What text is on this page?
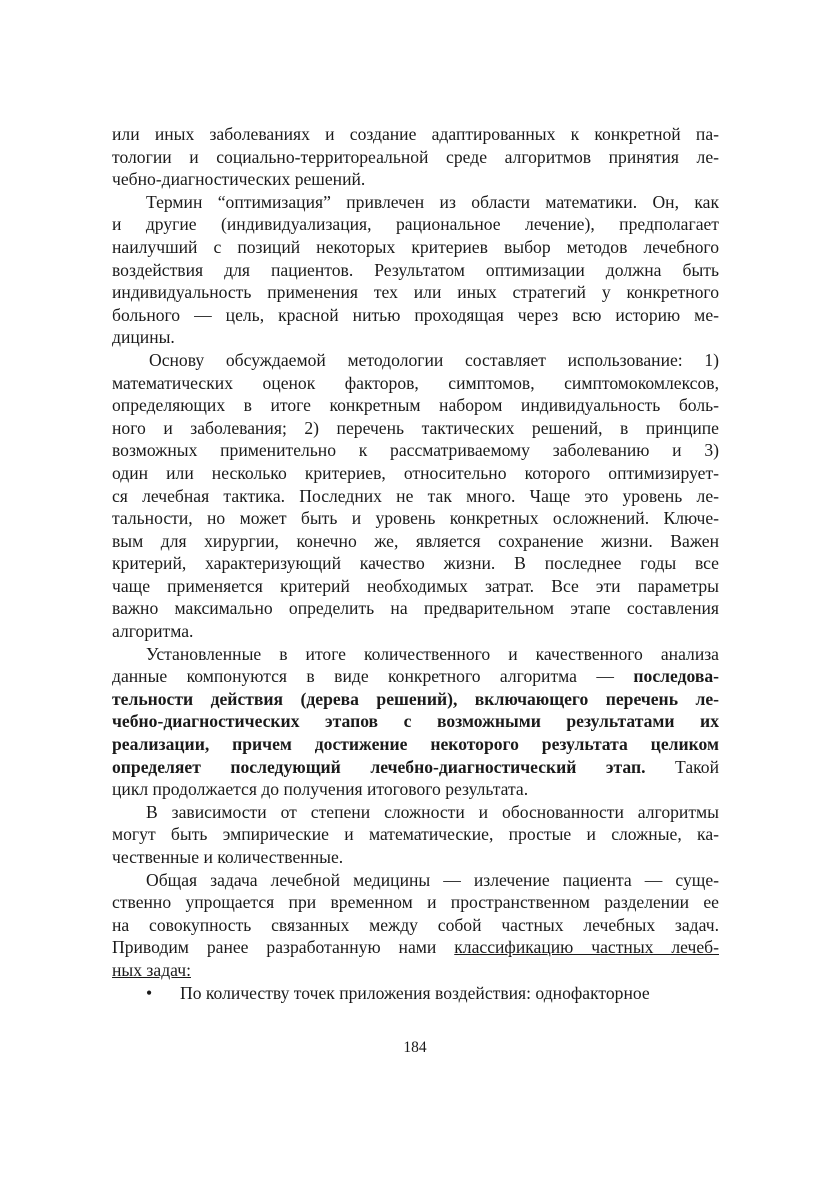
или иных заболеваниях и создание адаптированных к конкретной па-
тологии и социально-территореальной среде алгоритмов принятия ле-
чебно-диагностических решений.
Термин “оптимизация” привлечен из области математики. Он, как
и другие (индивидуализация, рациональное лечение), предполагает
наилучший с позиций некоторых критериев выбор методов лечебного
воздействия для пациентов. Результатом оптимизации должна быть
индивидуальность применения тех или иных стратегий у конкретного
больного — цель, красной нитью проходящая через всю историю ме-
дицины.
Основу обсуждаемой методологии составляет использование: 1)
математических оценок факторов, симптомов, симптомокомлексов,
определяющих в итоге конкретным набором индивидуальность боль-
ного и заболевания; 2) перечень тактических решений, в принципе
возможных применительно к рассматриваемому заболеванию и 3)
один или несколько критериев, относительно которого оптимизирует-
ся лечебная тактика. Последних не так много. Чаще это уровень ле-
тальности, но может быть и уровень конкретных осложнений. Ключе-
вым для хирургии, конечно же, является сохранение жизни. Важен
критерий, характеризующий качество жизни. В последнее годы все
чаще применяется критерий необходимых затрат. Все эти параметры
важно максимально определить на предварительном этапе составления
алгоритма.
Установленные в итоге количественного и качественного анализа
данные компонуются в виде конкретного алгоритма — последова-
тельности действия (дерева решений), включающего перечень ле-
чебно-диагностических этапов с возможными результатами их
реализации, причем достижение некоторого результата целиком
определяет последующий лечебно-диагностический этап. Такой
цикл продолжается до получения итогового результата.
В зависимости от степени сложности и обоснованности алгоритмы
могут быть эмпирические и математические, простые и сложные, ка-
чественные и количественные.
Общая задача лечебной медицины — излечение пациента — суще-
ственно упрощается при временном и пространственном разделении ее
на совокупность связанных между собой частных лечебных задач.
Приводим ранее разработанную нами классификацию частных лечеб-
ных задач:
• По количеству точек приложения воздействия: однофакторное
184
